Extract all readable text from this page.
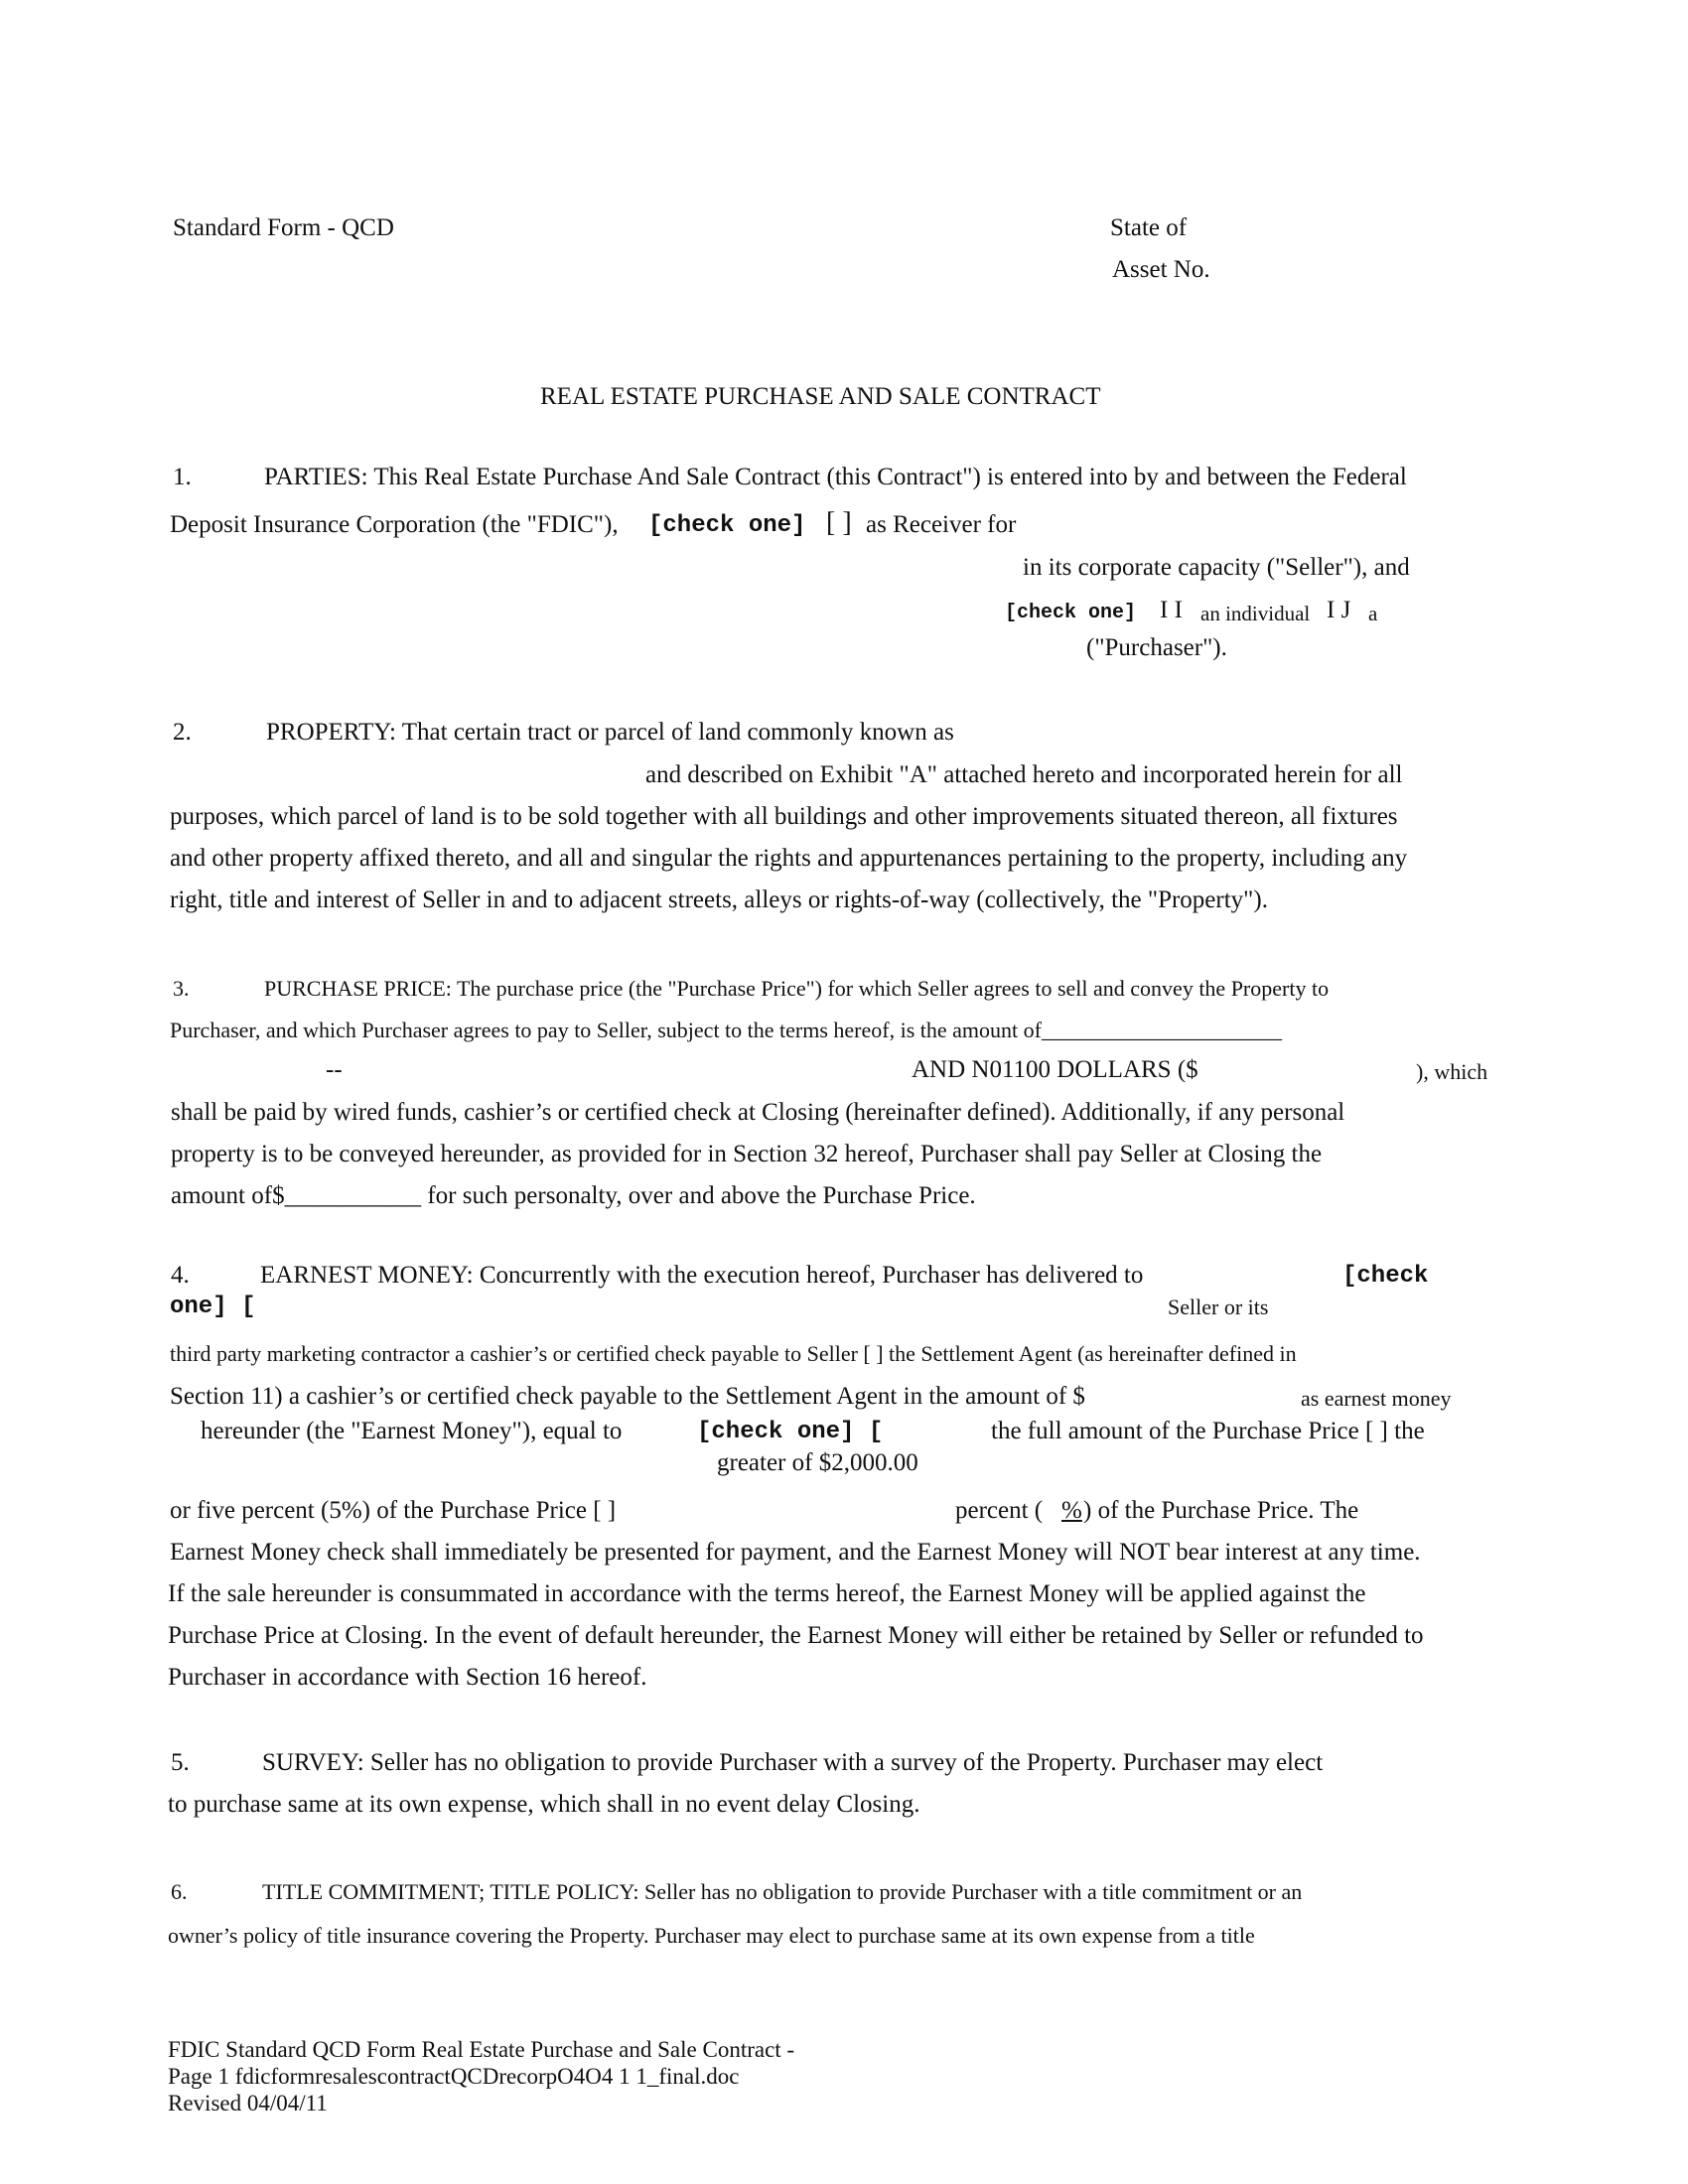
Standard Form - QCD	State of
Asset No.
REAL ESTATE PURCHASE AND SALE CONTRACT
1.	PARTIES: This Real Estate Purchase And Sale Contract (this Contract") is entered into by and between the Federal
Deposit Insurance Corporation (the "FDIC"), [check one] [ ] as Receiver for
in its corporate capacity ("Seller"), and
[check one] I I an individual I J a
("Purchaser").
2.	PROPERTY: That certain tract or parcel of land commonly known as
and described on Exhibit "A" attached hereto and incorporated herein for all
purposes, which parcel of land is to be sold together with all buildings and other improvements situated thereon, all fixtures
and other property affixed thereto, and all and singular the rights and appurtenances pertaining to the property, including any
right, title and interest of Seller in and to adjacent streets, alleys or rights-of-way (collectively, the "Property").
3.	PURCHASE PRICE: The purchase price (the "Purchase Price") for which Seller agrees to sell and convey the Property to
Purchaser, and which Purchaser agrees to pay to Seller, subject to the terms hereof, is the amount of______________________
--	AND N01100 DOLLARS ($	), which
shall be paid by wired funds, cashier’s or certified check at Closing (hereinafter defined). Additionally, if any personal
property is to be conveyed hereunder, as provided for in Section 32 hereof, Purchaser shall pay Seller at Closing the
amount of$___________ for such personalty, over and above the Purchase Price.
4.	EARNEST MONEY: Concurrently with the execution hereof, Purchaser has delivered to	[check
one] [	Seller or its
third party marketing contractor a cashier’s or certified check payable to Seller [ ] the Settlement Agent (as hereinafter defined in
Section 11) a cashier’s or certified check payable to the Settlement Agent in the amount of $	as earnest money
hereunder (the "Earnest Money"), equal to	[check one] [	the full amount of the Purchase Price [ ] the
greater of $2,000.00
or five percent (5%) of the Purchase Price [ ]	percent ( % ) of the Purchase Price. The
Earnest Money check shall immediately be presented for payment, and the Earnest Money will NOT bear interest at any time.
If the sale hereunder is consummated in accordance with the terms hereof, the Earnest Money will be applied against the
Purchase Price at Closing. In the event of default hereunder, the Earnest Money will either be retained by Seller or refunded to
Purchaser in accordance with Section 16 hereof.
5.	SURVEY: Seller has no obligation to provide Purchaser with a survey of the Property. Purchaser may elect
to purchase same at its own expense, which shall in no event delay Closing.
6.	TITLE COMMITMENT; TITLE POLICY: Seller has no obligation to provide Purchaser with a title commitment or an
owner’s policy of title insurance covering the Property. Purchaser may elect to purchase same at its own expense from a title
FDIC Standard QCD Form Real Estate Purchase and Sale Contract -
Page 1 fdicformresalescontractQCDrecorpO4O4 1 1_final.doc
Revised 04/04/11
